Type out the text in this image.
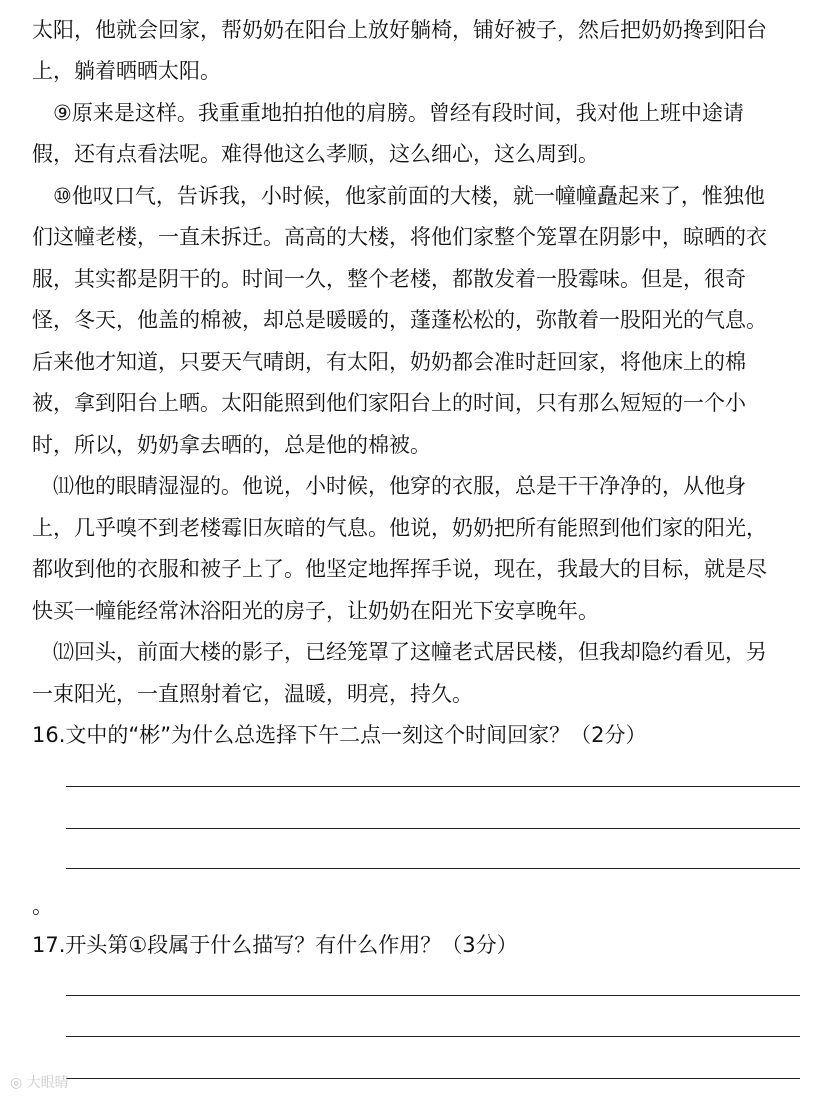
太阳，他就会回家，帮奶奶在阳台上放好躺椅，铺好被子，然后把奶奶搀到阳台
上，躺着晒晒太阳。
　⑨原来是这样。我重重地拍拍他的肩膀。曾经有段时间，我对他上班中途请
假，还有点看法呢。难得他这么孝顺，这么细心，这么周到。
　⑩他叹口气，告诉我，小时候，他家前面的大楼，就一幢幢矗起来了，惟独他
们这幢老楼，一直未拆迁。高高的大楼，将他们家整个笼罩在阴影中，晾晒的衣
服，其实都是阴干的。时间一久，整个老楼，都散发着一股霉味。但是，很奇
怪，冬天，他盖的棉被，却总是暖暖的，蓬蓬松松的，弥散着一股阳光的气息。
后来他才知道，只要天气晴朗，有太阳，奶奶都会准时赶回家，将他床上的棉
被，拿到阳台上晒。太阳能照到他们家阳台上的时间，只有那么短短的一个小
时，所以，奶奶拿去晒的，总是他的棉被。
　⑾他的眼睛湿湿的。他说，小时候，他穿的衣服，总是干干净净的，从他身
上，几乎嗅不到老楼霉旧灰暗的气息。他说，奶奶把所有能照到他们家的阳光，
都收到他的衣服和被子上了。他坚定地挥挥手说，现在，我最大的目标，就是尽
快买一幢能经常沐浴阳光的房子，让奶奶在阳光下安享晚年。
　⑿回头，前面大楼的影子，已经笼罩了这幢老式居民楼，但我却隐约看见，另
一束阳光，一直照射着它，温暖，明亮，持久。
16.文中的“彬”为什么总选择下午二点一刻这个时间回家？（2分）
。
17.开头第①段属于什么描写？有什么作用？（3分）
◎ 大眼睛
